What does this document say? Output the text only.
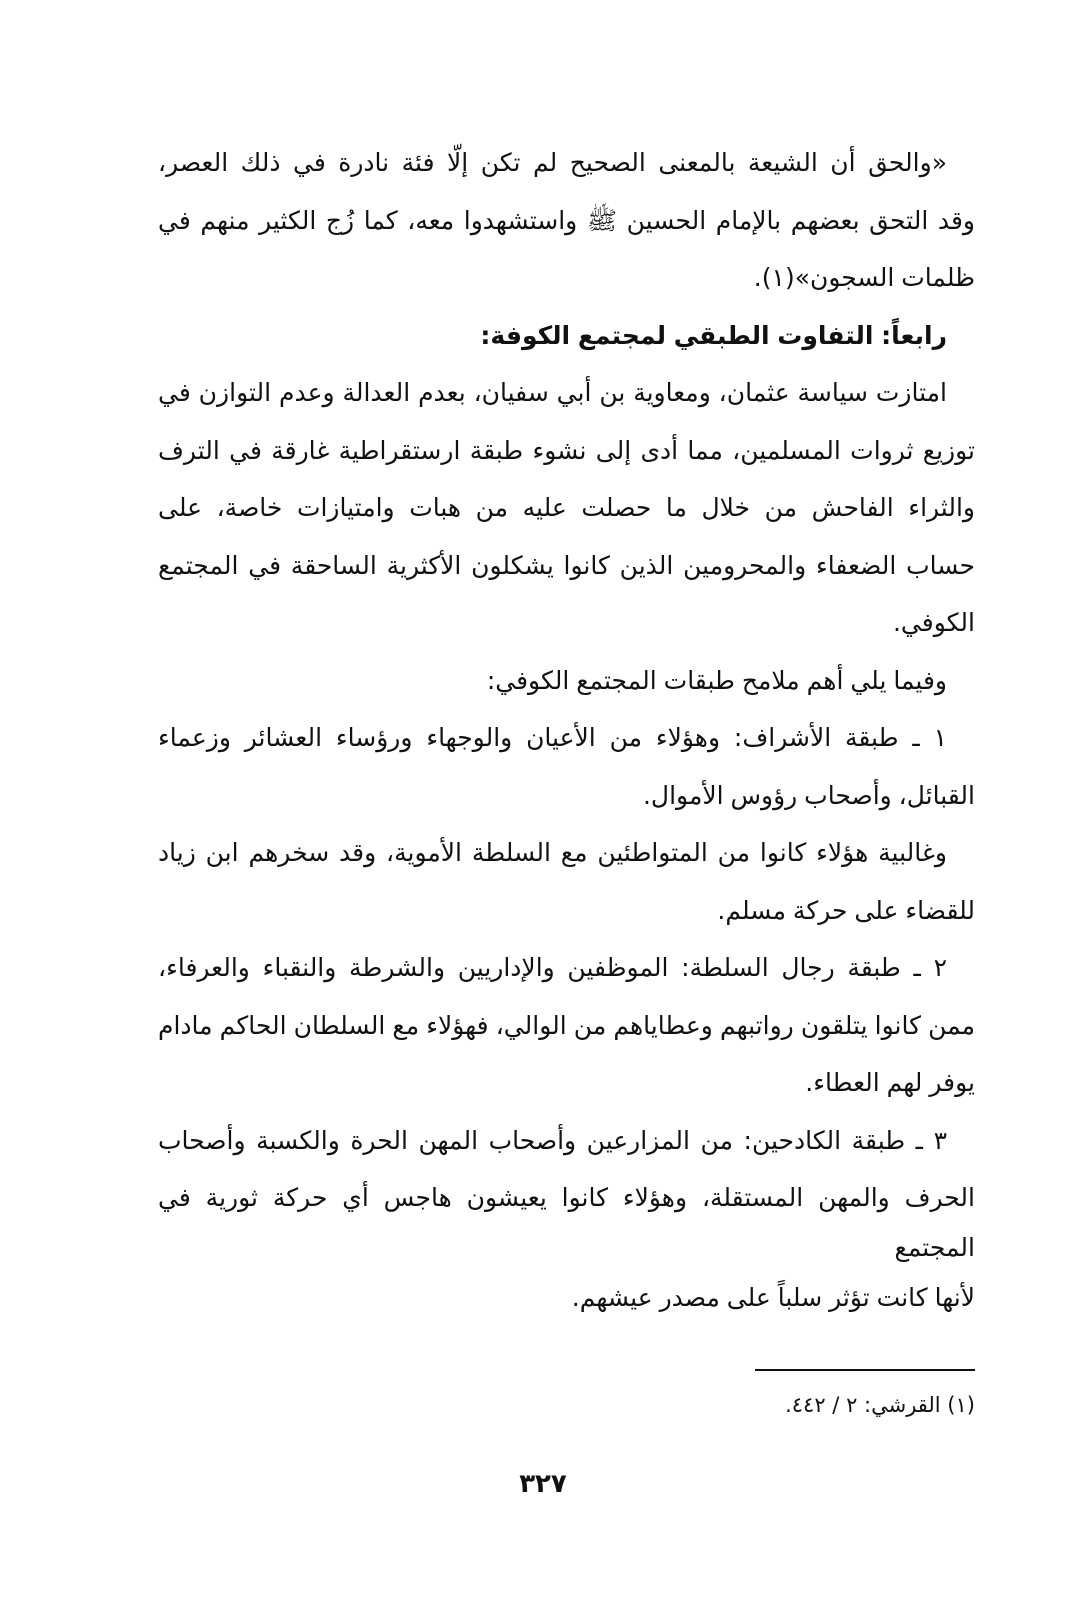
«والحق أن الشيعة بالمعنى الصحيح لم تكن إلّا فئة نادرة في ذلك العصر،
وقد التحق بعضهم بالإمام الحسين ﷺ واستشهدوا معه، كما زُج الكثير منهم في
ظلمات السجون»(١).
رابعاً: التفاوت الطبقي لمجتمع الكوفة:
امتازت سياسة عثمان، ومعاوية بن أبي سفيان، بعدم العدالة وعدم التوازن في
توزيع ثروات المسلمين، مما أدى إلى نشوء طبقة ارستقراطية غارقة في الترف
والثراء الفاحش من خلال ما حصلت عليه من هبات وامتيازات خاصة، على
حساب الضعفاء والمحرومين الذين كانوا يشكلون الأكثرية الساحقة في المجتمع
الكوفي.
وفيما يلي أهم ملامح طبقات المجتمع الكوفي:
١ ـ طبقة الأشراف: وهؤلاء من الأعيان والوجهاء ورؤساء العشائر وزعماء
القبائل، وأصحاب رؤوس الأموال.
وغالبية هؤلاء كانوا من المتواطئين مع السلطة الأموية، وقد سخرهم ابن زياد
للقضاء على حركة مسلم.
٢ ـ طبقة رجال السلطة: الموظفين والإداريين والشرطة والنقباء والعرفاء،
ممن كانوا يتلقون رواتبهم وعطاياهم من الوالي، فهؤلاء مع السلطان الحاكم مادام
يوفر لهم العطاء.
٣ ـ طبقة الكادحين: من المزارعين وأصحاب المهن الحرة والكسبة وأصحاب
الحرف والمهن المستقلة، وهؤلاء كانوا يعيشون هاجس أي حركة ثورية في المجتمع
لأنها كانت تؤثر سلباً على مصدر عيشهم.
(١) القرشي: ٢ / ٤٤٢.
٣٢٧
